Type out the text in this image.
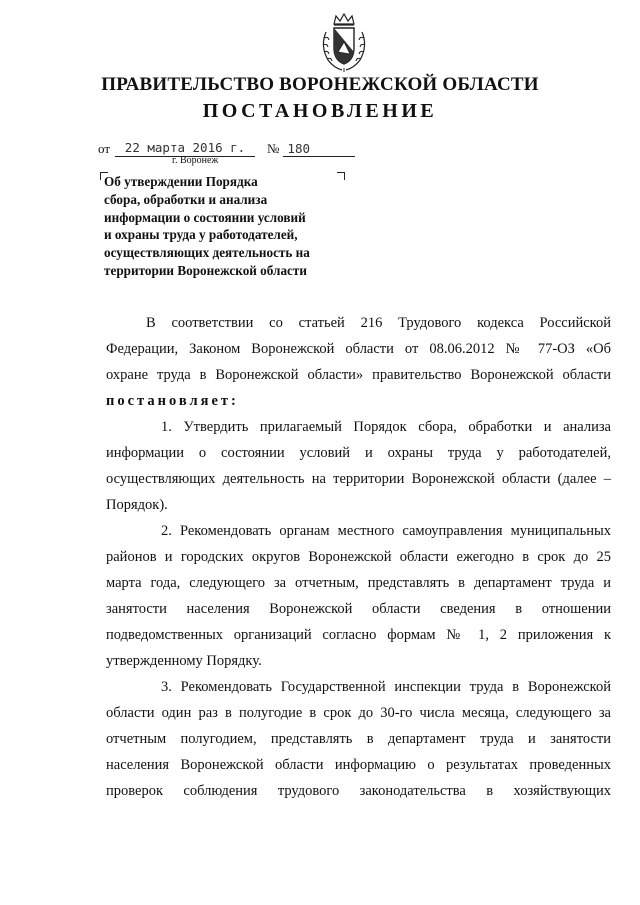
ПРАВИТЕЛЬСТВО ВОРОНЕЖСКОЙ ОБЛАСТИ
ПОСТАНОВЛЕНИЕ
от 22 марта 2016 г. № 180
г. Воронеж
Об утверждении Порядка
сбора, обработки и анализа
информации о состоянии условий
и охраны труда у работодателей,
осуществляющих деятельность на
территории Воронежской области
В соответствии со статьей 216 Трудового кодекса Российской
Федерации, Законом Воронежской области от 08.06.2012 № 77-ОЗ «Об
охране труда в Воронежской области» правительство Воронежской области
постановляет:
1. Утвердить прилагаемый Порядок сбора, обработки и анализа
информации о состоянии условий и охраны труда у работодателей,
осуществляющих деятельность на территории Воронежской области (далее –
Порядок).
2. Рекомендовать органам местного самоуправления муниципальных
районов и городских округов Воронежской области ежегодно в срок до 25
марта года, следующего за отчетным, представлять в департамент труда и
занятости населения Воронежской области сведения в отношении
подведомственных организаций согласно формам № 1, 2 приложения к
утвержденному Порядку.
3. Рекомендовать Государственной инспекции труда в Воронежской
области один раз в полугодие в срок до 30-го числа месяца, следующего за
отчетным полугодием, представлять в департамент труда и занятости
населения Воронежской области информацию о результатах проведенных
проверок соблюдения трудового законодательства в хозяйствующих
